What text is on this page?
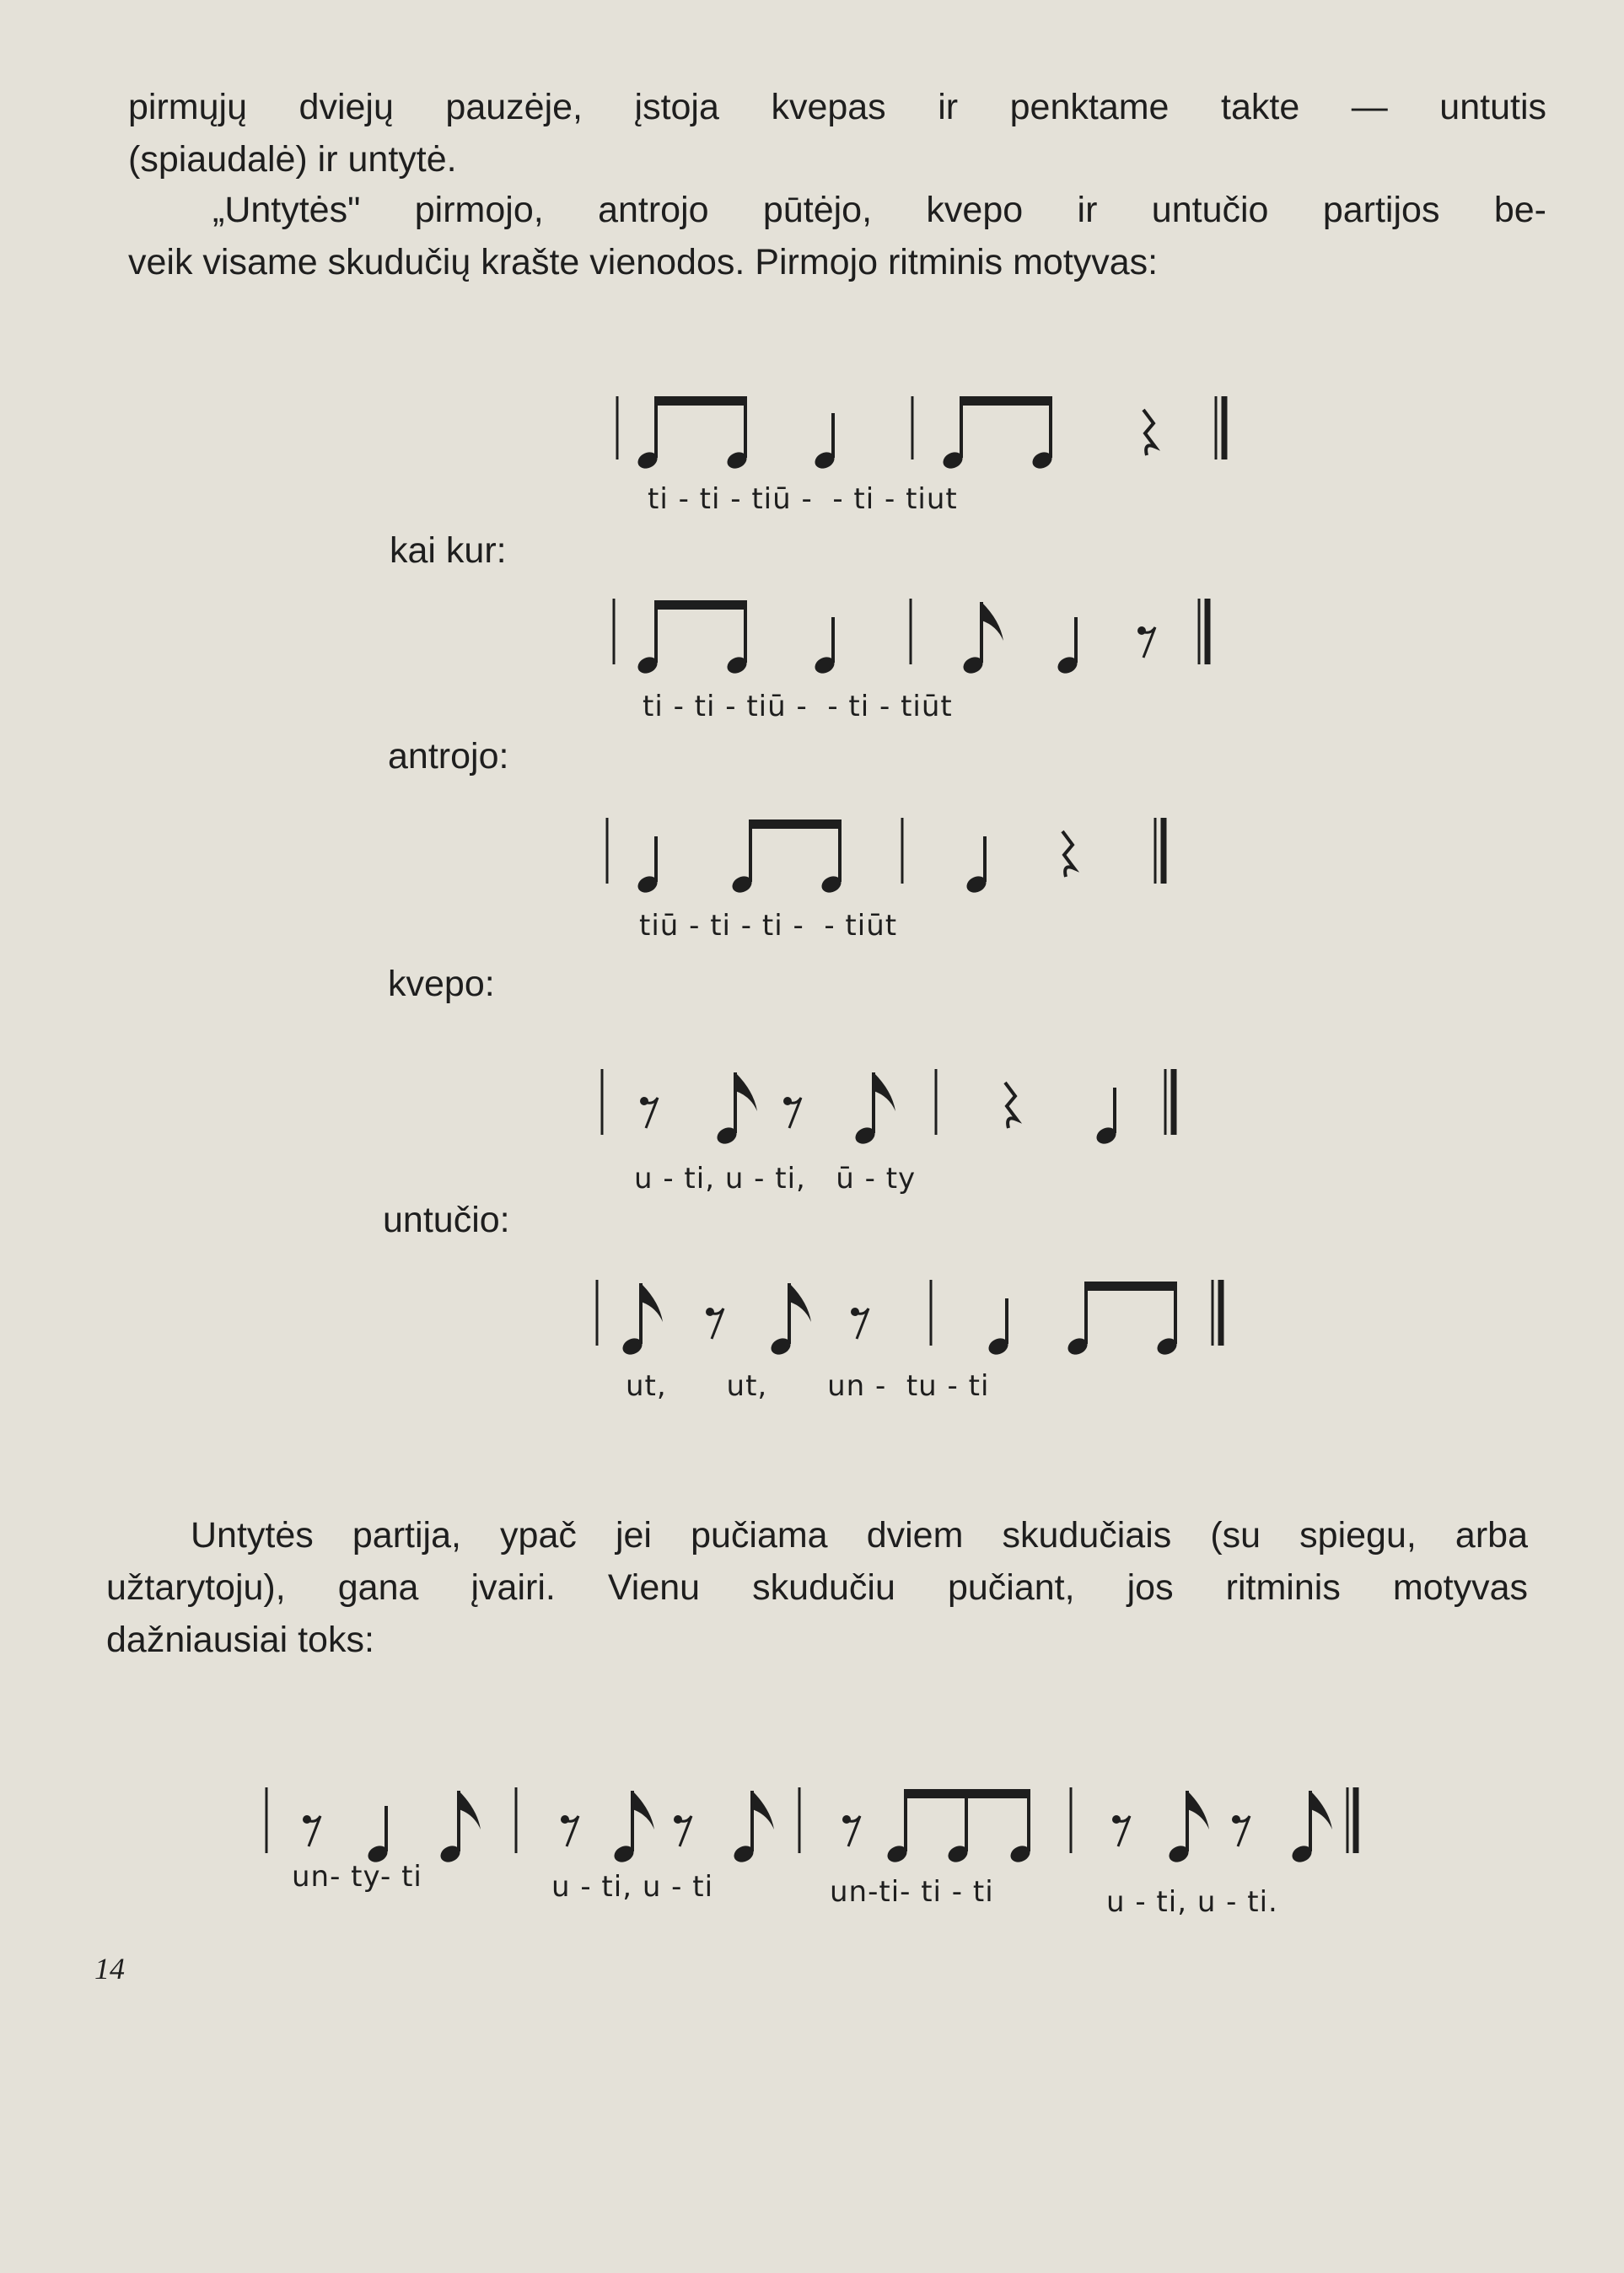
pirmųjų dviejų pauzėje, įstoja kvepas ir penktame takte — untutis
(spiaudalė) ir untytė.

„Untytės" pirmojo, antrojo pūtėjo, kvepo ir untučio partijos be-
veik visame skudučių krašte vienodos. Pirmojo ritminis motyvas:

ti - ti - tiū -  - ti - tiut
kai kur:
ti - ti - tiū -  - ti - tiūt
antrojo:
tiū - ti - ti -  - tiūt
kvepo:
u - ti, u - ti,   ū - ty
untučio:
ut,      ut,      un -  tu - ti

Untytės partija, ypač jei pučiama dviem skudučiais (su spiegu, arba
užtarytoju), gana įvairi. Vienu skudučiu pučiant, jos ritminis motyvas
dažniausiai toks:

un- ty- ti	u - ti, u - ti	un-ti- ti - ti	u - ti, u - ti.
14
